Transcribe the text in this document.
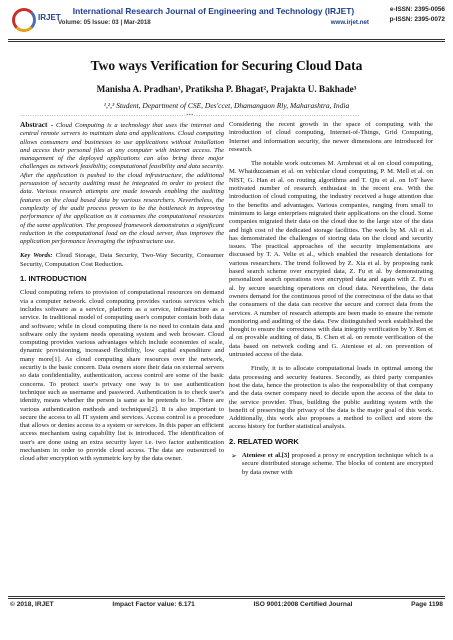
IRJET
International Research Journal of Engineering and Technology (IRJET)
Volume: 05 Issue: 03 | Mar-2018	www.irjet.net
e-ISSN: 2395-0056
p-ISSN: 2395-0072
Two ways Verification for Securing Cloud Data
Manisha A. Pradhan¹, Pratiksha P. Bhagat², Prajakta U. Bakhade³
¹,²,³ Student, Department of CSE, Des'ccet, Dhamangaon Rly, Maharashtra, India
---------------------------------------------------------------------***---------------------------------------------------------------------

Abstract - Cloud Computing is a technology that uses the internet and central remote servers to maintain data and applications. Cloud computing allows consumers and businesses to use applications without installation and access their personal files at any computer with internet access. The management of the deployed applications can also bring three major challenges as network feasibility, computational feasibility and data security. After the application is pushed to the cloud infrastructure, the additional persuasion of security auditing must be integrated in order to protect the data. Various research attempts are made towards enabling the auditing features on the cloud based data by various researchers. Nevertheless, the complexity of the audit process proven to be the bottleneck in improving performance of the application as it consumes the computational resources of the same application. The proposed framework demonstrates a significant reduction in the computational load on the cloud server, thus improves the application performance leveraging the infrastructure use.

Key Words: Cloud Storage, Data Security, Two-Way Security, Consumer Security, Computation Cost Reduction.

1. INTRODUCTION

Cloud computing refers to provision of computational resources on demand via a computer network. cloud computing provides various services which includes software as a service, platform as a service, infrastructure as a service. In traditional model of computing user's computer contain both data and software; while in cloud computing there is no need to contain data and software only the system needs operating system and web browser. Cloud computing provides various advantages which include economies of scale, dynamic provisioning, increased flexibility, low capital expenditure and many more[1]. As cloud computing share resources over the network, security is the basic concern. Data owners store their data on external servers so data confidentiality, authentication, access control are some of the basic concerns. To protect user's privacy one way is to use authentication technique such as username and password. Authentication is to check user's identity, means whether the person is same as he pretends to be. There are various authentication methods and techniques[2]. It is also important to secure the access to all IT system and services. Access control is a procedure that allows or denies access to a system or services. In this paper an efficient access mechanism using capability list is introduced. The identification of user's are done using an extra security layer i.e. two factor authentication mechanism in order to provide cloud access. The data are outsourced to cloud after encryption with symmetric key by the data owner.

Considering the recent growth in the space of computing with the introduction of cloud computing, Internet-of-Things, Grid Computing, Internet and information security, the newer dimensions are introduced for research.

The notable work outcomes M. Armbrust et al on cloud computing, M. Whaiduzzaman et al. on vehicular cloud computing, P. M. Mell et al. on NIST, G. Han et al. on routing algorithms and T. Qiu et al. on IoT have motivated number of research enthusiast in the recent era. With the introduction of cloud computing, the industry received a huge attention due to the benefits and advantages. Various companies, ranging from small to minimum to large enterprises migrated their applications on the cloud. Some companies migrated their data on the cloud due to the large size of the data and high cost of the dedicated storage facilities. The work by M. Ali et al. has demonstrated the challenges of storing data on the cloud and security issues. The practical approaches of the security implementations are discussed by T. A. Velte et al., which enabled the research dentations for various researchers. The trend followed by Z. Xia et al. by proposing rank based search scheme over encrypted data, Z. Fu et al. by demonstrating personalized search operations over encrypted data and again with Z. Fu et al. by secure searching operations on cloud data. Nevertheless, the data owners demand for the continuous proof of the correctness of the data so that the consumers of the data can receive the secure and correct data from the services. A number of research attempts are been made to ensure the remote monitoring and auditing of the data. Few distinguished work established the thought to ensure the correctness with data integrity verification by Y. Ren et al on provable auditing of data, B. Chen et al. on remote verification of the data based on network coding and G. Ateniese et al. on prevention of untrusted access of the data.

Firstly, it is to allocate computational loads in optimal among the data processing and security features. Secondly, as third party companies host the data, hence the protection is also the responsibility of that company and the data owner company need to decide upon the access of the data to the service provider. Thus, building the public auditing system with the benefit of preserving the privacy of the data is the major goal of this work. Additionally, this work also proposes a method to collect and store the access history for further statistical analysis.

2. RELATED WORK
➢ Ateniese et al.[3] proposed a proxy re encryption technique which is a secure distributed storage scheme. The blocks of content are encrypted by data owner with
© 2018, IRJET	Impact Factor value: 6.171	ISO 9001:2008 Certified Journal	Page 1198
